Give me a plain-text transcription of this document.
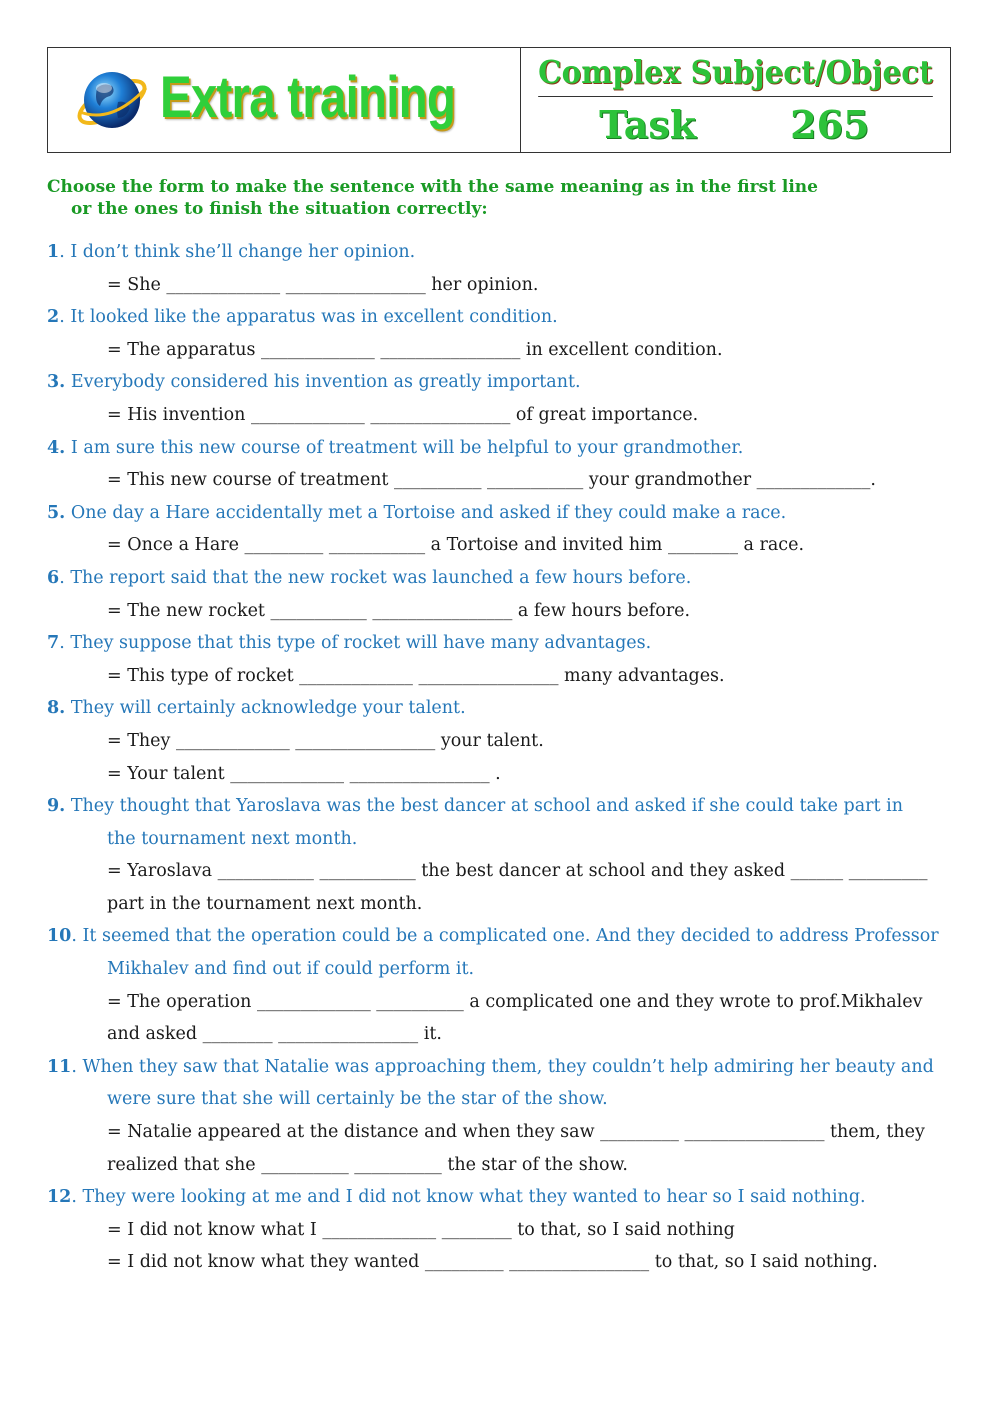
Extra training	Complex Subject/Object
Task 265
Choose the form to make the sentence with the same meaning as in the first line
or the ones to finish the situation correctly:
1. I don’t think she’ll change her opinion.
= She _____________ ________________ her opinion.
2. It looked like the apparatus was in excellent condition.
= The apparatus _____________ ________________ in excellent condition.
3. Everybody considered his invention as greatly important.
= His invention _____________ ________________ of great importance.
4. I am sure this new course of treatment will be helpful to your grandmother.
= This new course of treatment __________ ___________ your grandmother _____________.
5. One day a Hare accidentally met a Tortoise and asked if they could make a race.
= Once a Hare _________ ___________ a Tortoise and invited him ________ a race.
6. The report said that the new rocket was launched a few hours before.
= The new rocket ___________ ________________ a few hours before.
7. They suppose that this type of rocket will have many advantages.
= This type of rocket _____________ ________________ many advantages.
8. They will certainly acknowledge your talent.
= They _____________ ________________ your talent.
= Your talent _____________ ________________ .
9. They thought that Yaroslava was the best dancer at school and asked if she could take part in
the tournament next month.
= Yaroslava ___________ ___________ the best dancer at school and they asked ______ _________
part in the tournament next month.
10. It seemed that the operation could be a complicated one. And they decided to address Professor
Mikhalev and find out if could perform it.
= The operation _____________ __________ a complicated one and they wrote to prof.Mikhalev
and asked ________ ________________ it.
11. When they saw that Natalie was approaching them, they couldn’t help admiring her beauty and
were sure that she will certainly be the star of the show.
= Natalie appeared at the distance and when they saw _________ ________________ them, they
realized that she __________ __________ the star of the show.
12. They were looking at me and I did not know what they wanted to hear so I said nothing.
= I did not know what I _____________ ________ to that, so I said nothing
= I did not know what they wanted _________ ________________ to that, so I said nothing.
